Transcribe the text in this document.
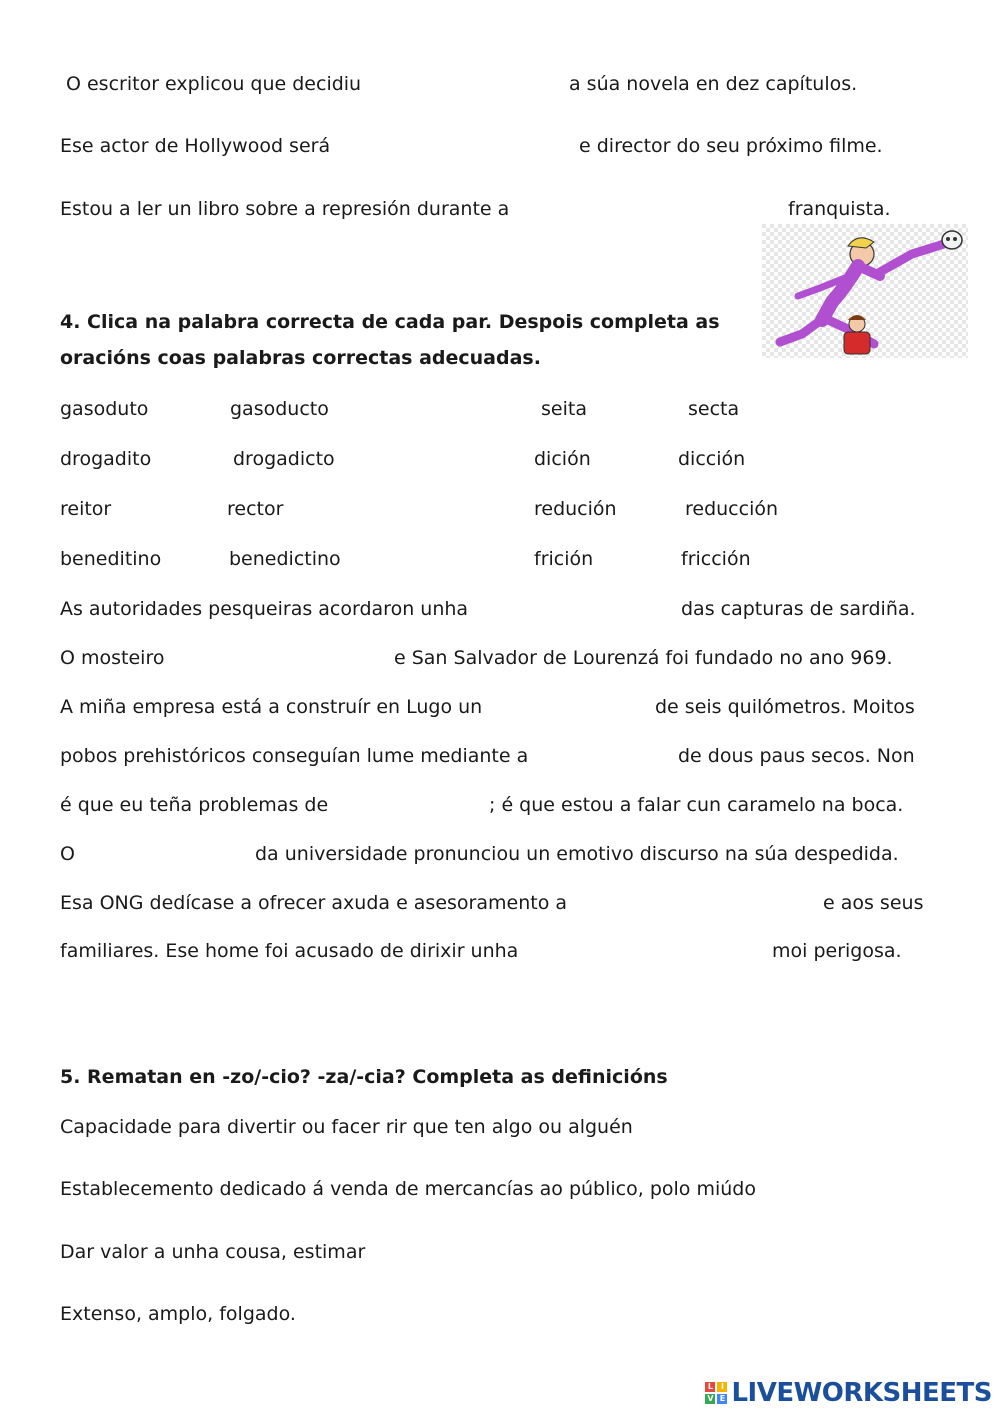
O escritor explicou que decidiu	a súa novela en dez capítulos.
Ese actor de Hollywood será	e director do seu próximo filme.
Estou a ler un libro sobre a represión durante a	franquista.
4. Clica na palabra correcta de cada par. Despois completa as
oracións coas palabras correctas adecuadas.
gasoduto	gasoducto	seita	secta
drogadito	drogadicto	dición	dicción
reitor	rector	redución	reducción
beneditino	benedictino	frición	fricción
As autoridades pesqueiras acordaron unha	das capturas de sardiña.
O mosteiro	e San Salvador de Lourenzá foi fundado no ano 969.
A miña empresa está a construír en Lugo un	de seis quilómetros. Moitos
pobos prehistóricos conseguían lume mediante a	de dous paus secos. Non
é que eu teña problemas de	; é que estou a falar cun caramelo na boca.
O	da universidade pronunciou un emotivo discurso na súa despedida.
Esa ONG dedícase a ofrecer axuda e asesoramento a	e aos seus
familiares. Ese home foi acusado de dirixir unha	moi perigosa.
5. Rematan en -zo/-cio? -za/-cia? Completa as definicións
Capacidade para divertir ou facer rir que ten algo ou alguén
Establecemento dedicado á venda de mercancías ao público, polo miúdo
Dar valor a unha cousa, estimar
Extenso, amplo, folgado.
L I
V E LIVEWORKSHEETS
